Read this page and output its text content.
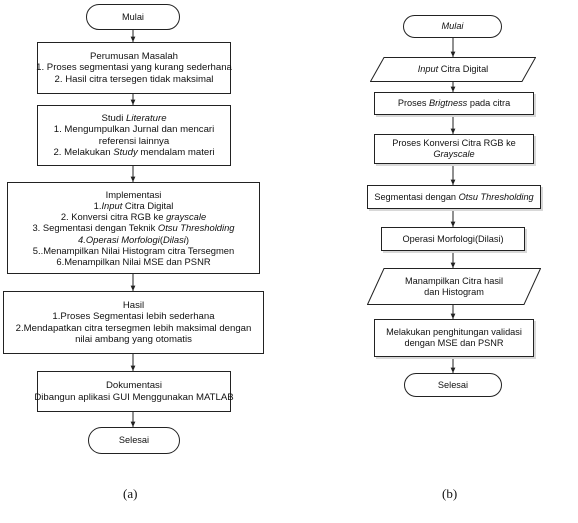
Mulai
Perumusan Masalah
1. Proses segmentasi yang kurang sederhana
2. Hasil citra tersegen tidak maksimal
Studi Literature
1. Mengumpulkan Jurnal dan mencari
referensi lainnya
2. Melakukan Study mendalam materi
Implementasi
1.Input Citra Digital
2. Konversi citra RGB ke grayscale
3. Segmentasi dengan Teknik Otsu Thresholding
4.Operasi Morfologi(Dilasi)
5..Menampilkan Nilai Histogram citra Tersegmen
6.Menampilkan Nilai MSE dan PSNR
Hasil
1.Proses Segmentasi lebih sederhana
2.Mendapatkan citra tersegmen lebih maksimal dengan
nilai ambang yang otomatis
Dokumentasi
Dibangun aplikasi GUI Menggunakan MATLAB
Selesai
(a)
Mulai
Input Citra Digital
Proses Brigtness pada citra
Proses Konversi Citra RGB ke
Grayscale
Segmentasi dengan Otsu Thresholding
Operasi Morfologi(Dilasi)
Manampilkan Citra hasil
dan Histogram
Melakukan penghitungan validasi
dengan MSE dan PSNR
Selesai
(b)
